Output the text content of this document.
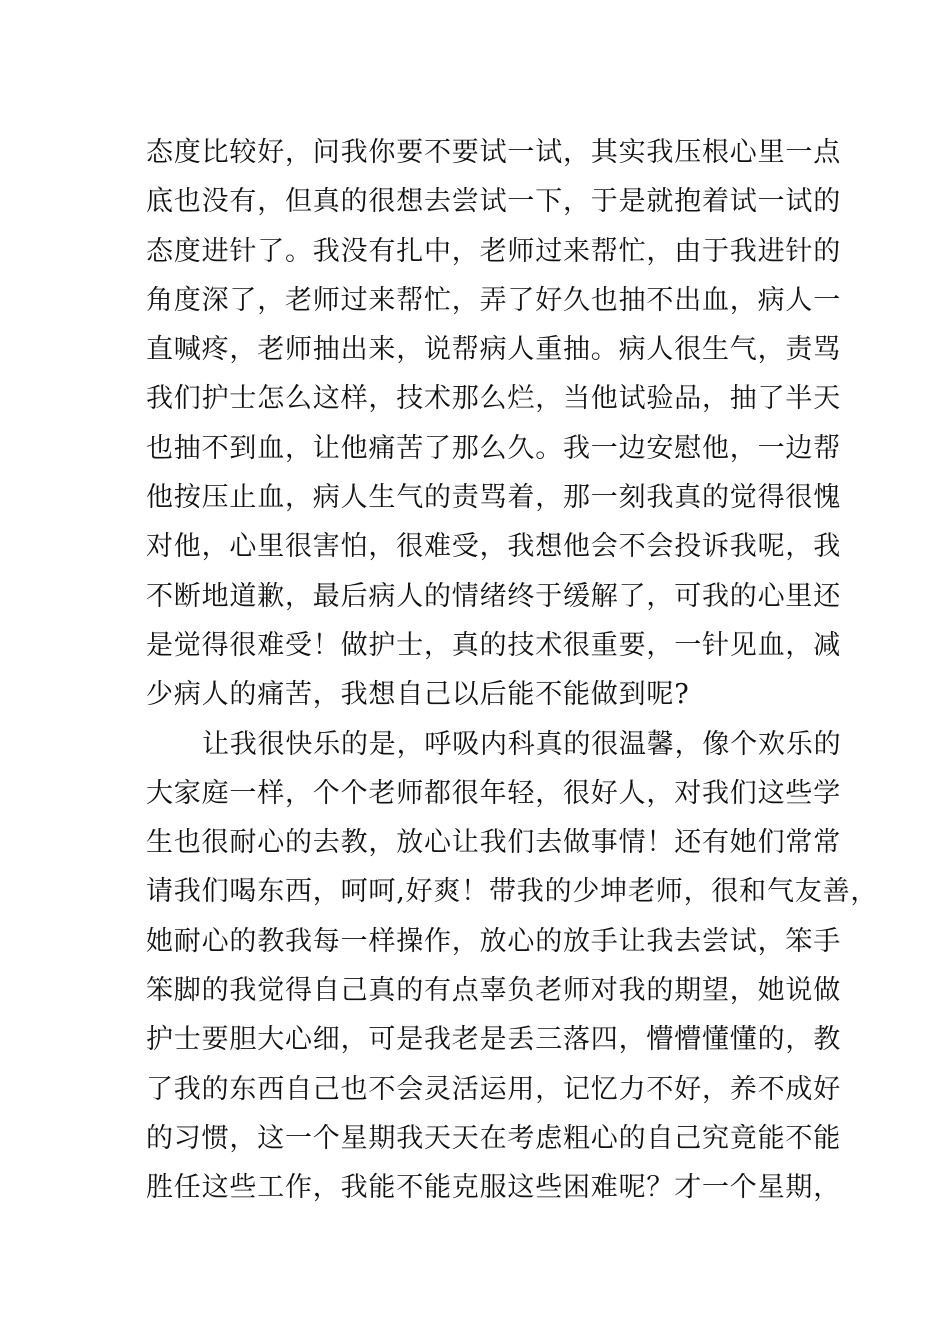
态度比较好，问我你要不要试一试，其实我压根心里一点
底也没有，但真的很想去尝试一下，于是就抱着试一试的
态度进针了。我没有扎中，老师过来帮忙，由于我进针的
角度深了，老师过来帮忙，弄了好久也抽不出血，病人一
直喊疼，老师抽出来，说帮病人重抽。病人很生气，责骂
我们护士怎么这样，技术那么烂，当他试验品，抽了半天
也抽不到血，让他痛苦了那么久。我一边安慰他，一边帮
他按压止血，病人生气的责骂着，那一刻我真的觉得很愧
对他，心里很害怕，很难受，我想他会不会投诉我呢，我
不断地道歉，最后病人的情绪终于缓解了，可我的心里还
是觉得很难受！做护士，真的技术很重要，一针见血，减
少病人的痛苦，我想自己以后能不能做到呢?
让我很快乐的是，呼吸内科真的很温馨，像个欢乐的
大家庭一样，个个老师都很年轻，很好人，对我们这些学
生也很耐心的去教，放心让我们去做事情！还有她们常常
请我们喝东西，呵呵,好爽！带我的少坤老师，很和气友善，
她耐心的教我每一样操作，放心的放手让我去尝试，笨手
笨脚的我觉得自己真的有点辜负老师对我的期望，她说做
护士要胆大心细，可是我老是丢三落四，懵懵懂懂的，教
了我的东西自己也不会灵活运用，记忆力不好，养不成好
的习惯，这一个星期我天天在考虑粗心的自己究竟能不能
胜任这些工作，我能不能克服这些困难呢？才一个星期，
